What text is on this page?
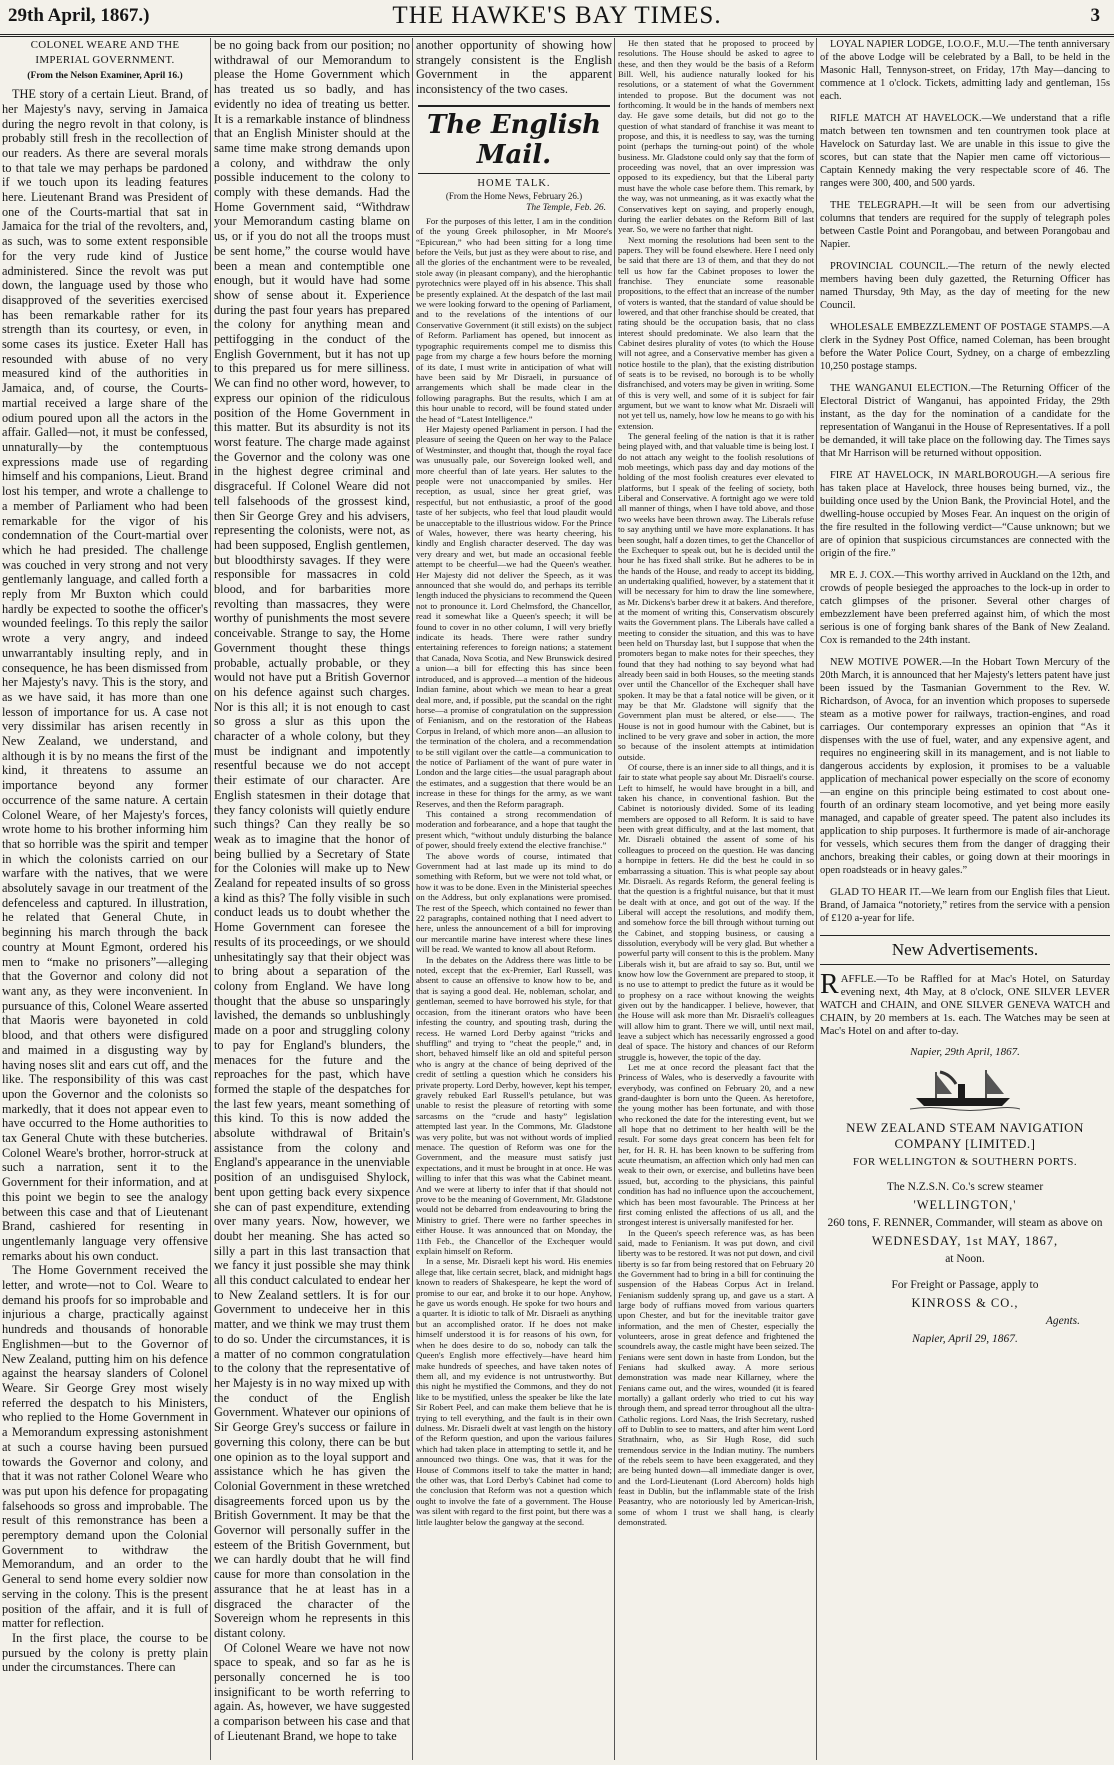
29th April, 1867.)	THE HAWKE'S BAY TIMES.	3

COLONEL WEARE AND THE IMPERIAL GOVERNMENT.

(From the Nelson Examiner, April 16.)

THE story of a certain Lieut. Brand, of her Majesty's navy, serving in Jamaica during the negro revolt in that colony, is probably still fresh in the recollection of our readers. As there are several morals to that tale we may perhaps be pardoned if we touch upon its leading features here. Lieutenant Brand was President of one of the Courts-martial that sat in Jamaica for the trial of the revolters, and, as such, was to some extent responsible for the very rude kind of Justice administered. Since the revolt was put down, the language used by those who disapproved of the severities exercised has been remarkable rather for its strength than its courtesy, or even, in some cases its justice. Exeter Hall has resounded with abuse of no very measured kind of the authorities in Jamaica, and, of course, the Courts-martial received a large share of the odium poured upon all the actors in the affair. Galled—not, it must be confessed, unnaturally—by the contemptuous expressions made use of regarding himself and his companions, Lieut. Brand lost his temper, and wrote a challenge to a member of Parliament who had been remarkable for the vigor of his condemnation of the Court-martial over which he had presided. The challenge was couched in very strong and not very gentlemanly language, and called forth a reply from Mr Buxton which could hardly be expected to soothe the officer's wounded feelings. To this reply the sailor wrote a very angry, and indeed unwarrantably insulting reply, and in consequence, he has been dismissed from her Majesty's navy. This is the story, and as we have said, it has more than one lesson of importance for us. A case not very dissimilar has arisen recently in New Zealand, we understand, and although it is by no means the first of the kind, it threatens to assume an importance beyond any former occurrence of the same nature. A certain Colonel Weare, of her Majesty's forces, wrote home to his brother informing him that so horrible was the spirit and temper in which the colonists carried on our warfare with the natives, that we were absolutely savage in our treatment of the defenceless and captured. In illustration, he related that General Chute, in beginning his march through the back country at Mount Egmont, ordered his men to “make no prisoners”—alleging that the Governor and colony did not want any, as they were inconvenient. In pursuance of this, Colonel Weare asserted that Maoris were bayoneted in cold blood, and that others were disfigured and maimed in a disgusting way by having noses slit and ears cut off, and the like. The responsibility of this was cast upon the Governor and the colonists so markedly, that it does not appear even to have occurred to the Home authorities to tax General Chute with these butcheries. Colonel Weare's brother, horror-struck at such a narration, sent it to the Government for their information, and at this point we begin to see the analogy between this case and that of Lieutenant Brand, cashiered for resenting in ungentlemanly language very offensive remarks about his own conduct.

The Home Government received the letter, and wrote—not to Col. Weare to demand his proofs for so improbable and injurious a charge, practically against hundreds and thousands of honorable Englishmen—but to the Governor of New Zealand, putting him on his defence against the hearsay slanders of Colonel Weare. Sir George Grey most wisely referred the despatch to his Ministers, who replied to the Home Government in a Memorandum expressing astonishment at such a course having been pursued towards the Governor and colony, and that it was not rather Colonel Weare who was put upon his defence for propagating falsehoods so gross and improbable. The result of this remonstrance has been a peremptory demand upon the Colonial Government to withdraw the Memorandum, and an order to the General to send home every soldier now serving in the colony. This is the present position of the affair, and it is full of matter for reflection.

In the first place, the course to be pursued by the colony is pretty plain under the circumstances. There can

be no going back from our position; no withdrawal of our Memorandum to please the Home Government which has treated us so badly, and has evidently no idea of treating us better. It is a remarkable instance of blindness that an English Minister should at the same time make strong demands upon a colony, and withdraw the only possible inducement to the colony to comply with these demands. Had the Home Government said, “Withdraw your Memorandum casting blame on us, or if you do not all the troops must be sent home,” the course would have been a mean and contemptible one enough, but it would have had some show of sense about it. Experience during the past four years has prepared the colony for anything mean and pettifogging in the conduct of the English Government, but it has not up to this prepared us for mere silliness. We can find no other word, however, to express our opinion of the ridiculous position of the Home Government in this matter. But its absurdity is not its worst feature. The charge made against the Governor and the colony was one in the highest degree criminal and disgraceful. If Colonel Weare did not tell falsehoods of the grossest kind, then Sir George Grey and his advisers, representing the colonists, were not, as had been supposed, English gentlemen, but bloodthirsty savages. If they were responsible for massacres in cold blood, and for barbarities more revolting than massacres, they were worthy of punishments the most severe conceivable. Strange to say, the Home Government thought these things probable, actually probable, or they would not have put a British Governor on his defence against such charges. Nor is this all; it is not enough to cast so gross a slur as this upon the character of a whole colony, but they must be indignant and impotently resentful because we do not accept their estimate of our character. Are English statesmen in their dotage that they fancy colonists will quietly endure such things? Can they really be so weak as to imagine that the honor of being bullied by a Secretary of State for the Colonies will make up to New Zealand for repeated insults of so gross a kind as this? The folly visible in such conduct leads us to doubt whether the Home Government can foresee the results of its proceedings, or we should unhesitatingly say that their object was to bring about a separation of the colony from England. We have long thought that the abuse so unsparingly lavished, the demands so unblushingly made on a poor and struggling colony to pay for England's blunders, the menaces for the future and the reproaches for the past, which have formed the staple of the despatches for the last few years, meant something of this kind. To this is now added the absolute withdrawal of Britain's assistance from the colony and England's appearance in the unenviable position of an undisguised Shylock, bent upon getting back every sixpence she can of past expenditure, extending over many years. Now, however, we doubt her meaning. She has acted so silly a part in this last transaction that we fancy it just possible she may think all this conduct calculated to endear her to New Zealand settlers. It is for our Government to undeceive her in this matter, and we think we may trust them to do so. Under the circumstances, it is a matter of no common congratulation to the colony that the representative of her Majesty is in no way mixed up with the conduct of the English Government. Whatever our opinions of Sir George Grey's success or failure in governing this colony, there can be but one opinion as to the loyal support and assistance which he has given the Colonial Government in these wretched disagreements forced upon us by the British Government. It may be that the Governor will personally suffer in the esteem of the British Government, but we can hardly doubt that he will find cause for more than consolation in the assurance that he at least has in a disgraced the character of the Sovereign whom he represents in this distant colony.

Of Colonel Weare we have not now space to speak, and so far as he is personally concerned he is too insignificant to be worth referring to again. As, however, we have suggested a comparison between his case and that of Lieutenant Brand, we hope to take

another opportunity of showing how strangely consistent is the English Government in the apparent inconsistency of the two cases.

The English Mail.
HOME TALK.
(From the Home News, February 26.)
The Temple, Feb. 26.

For the purposes of this letter, I am in the condition of the young Greek philosopher, in Mr Moore's “Epicurean,” who had been sitting for a long time before the Veils, but just as they were about to rise, and all the glories of the enchantment were to be revealed, stole away (in pleasant company), and the hierophantic pyrotechnics were played off in his absence. This shall be presently explained. At the despatch of the last mail we were looking forward to the opening of Parliament, and to the revelations of the intentions of our Conservative Government (it still exists) on the subject of Reform. Parliament has opened, but innocent as typographic requirements compel me to dismiss this page from my charge a few hours before the morning of its date, I must write in anticipation of what will have been said by Mr Disraeli, in pursuance of arrangements which shall be made clear in the following paragraphs. But the results, which I am at this hour unable to record, will be found stated under the head of “Latest Intelligence.”

Her Majesty opened Parliament in person. I had the pleasure of seeing the Queen on her way to the Palace of Westminster, and thought that, though the royal face was unusually pale, our Sovereign looked well, and more cheerful than of late years. Her salutes to the people were not unaccompanied by smiles. Her reception, as usual, since her great grief, was respectful, but not enthusiastic, a proof of the good taste of her subjects, who feel that loud plaudit would be unacceptable to the illustrious widow. For the Prince of Wales, however, there was hearty cheering, his kindly and English character deserved. The day was very dreary and wet, but made an occasional feeble attempt to be cheerful—we had the Queen's weather. Her Majesty did not deliver the Speech, as it was announced that she would do, and perhaps its terrible length induced the physicians to recommend the Queen not to pronounce it. Lord Chelmsford, the Chancellor, read it somewhat like a Queen's speech; it will be found to cover in no other column, I will very briefly indicate its heads. There were rather sundry entertaining references to foreign nations; a statement that Canada, Nova Scotia, and New Brunswick desired a union—a bill for effecting this has since been introduced, and is approved—a mention of the hideous Indian famine, about which we mean to hear a great deal more, and, if possible, put the scandal on the right horse—a promise of congratulation on the suppression of Fenianism, and on the restoration of the Habeas Corpus in Ireland, of which more anon—an allusion to the termination of the cholera, and a recommendation to be still vigilant over the cattle—a communication to the notice of Parliament of the want of pure water in London and the large cities—the usual paragraph about the estimates, and a suggestion that there would be an increase in these for things for the army, as we want Reserves, and then the Reform paragraph.

This contained a strong recommendation of moderation and forbearance, and a hope that taught the present which, “without unduly disturbing the balance of power, should freely extend the elective franchise.”

The above words of course, intimated that Government had at last made up its mind to do something with Reform, but we were not told what, or how it was to be done. Even in the Ministerial speeches on the Address, but only explanations were promised. The rest of the Speech, which contained no fewer than 22 paragraphs, contained nothing that I need advert to here, unless the announcement of a bill for improving our mercantile marine have interest where these lines will be read. We wanted to know all about Reform.

In the debates on the Address there was little to be noted, except that the ex-Premier, Earl Russell, was absent to cause an offensive to know how to be, and that is saying a good deal. He, nobleman, scholar, and gentleman, seemed to have borrowed his style, for that occasion, from the itinerant orators who have been infesting the country, and spouting trash, during the recess. He warned Lord Derby against “tricks and shuffling” and trying to “cheat the people,” and, in short, behaved himself like an old and spiteful person who is angry at the chance of being deprived of the credit of settling a question which he considers his private property. Lord Derby, however, kept his temper, gravely rebuked Earl Russell's petulance, but was unable to resist the pleasure of retorting with some sarcasms on the “crude and hasty” legislation attempted last year. In the Commons, Mr. Gladstone was very polite, but was not without words of implied menace. The question of Reform was one for the Government, and the measure must satisfy just expectations, and it must be brought in at once. He was willing to infer that this was what the Cabinet meant. And we were at liberty to infer that if that should not prove to be the meaning of Government, Mr. Gladstone would not be debarred from endeavouring to bring the Ministry to grief. There were no farther speeches in either House. It was announced that on Monday, the 11th Feb., the Chancellor of the Exchequer would explain himself on Reform.

In a sense, Mr. Disraeli kept his word. His enemies allege that, like certain secret, black, and midnight hags known to readers of Shakespeare, he kept the word of promise to our ear, and broke it to our hope. Anyhow, he gave us words enough. He spoke for two hours and a quarter. It is idiotic to talk of Mr. Disraeli as anything but an accomplished orator. If he does not make himself understood it is for reasons of his own, for when he does desire to do so, nobody can talk the Queen's English more effectively—have heard him make hundreds of speeches, and have taken notes of them all, and my evidence is not untrustworthy. But this night he mystified the Commons, and they do not like to be mystified, unless the speaker be like the late Sir Robert Peel, and can make them believe that he is trying to tell everything, and the fault is in their own dulness. Mr. Disraeli dwelt at vast length on the history of the Reform question, and upon the various failures which had taken place in attempting to settle it, and he announced two things. One was, that it was for the House of Commons itself to take the matter in hand; the other was, that Lord Derby's Cabinet had come to the conclusion that Reform was not a question which ought to involve the fate of a government. The House was silent with regard to the first point, but there was a little laughter below the gangway at the second.

He then stated that he proposed to proceed by resolutions. The House should be asked to agree to these, and then they would be the basis of a Reform Bill. Well, his audience naturally looked for his resolutions, or a statement of what the Government intended to propose. But the document was not forthcoming. It would be in the hands of members next day. He gave some details, but did not go to the question of what standard of franchise it was meant to propose, and this, it is needless to say, was the turning point (perhaps the turning-out point) of the whole business. Mr. Gladstone could only say that the form of proceeding was novel, that an over impression was opposed to its expediency, but that the Liberal party must have the whole case before them. This remark, by the way, was not unmeaning, as it was exactly what the Conservatives kept on saying, and properly enough, during the earlier debates on the Reform Bill of last year. So, we were no farther that night.

Next morning the resolutions had been sent to the papers. They will be found elsewhere. Here I need only be said that there are 13 of them, and that they do not tell us how far the Cabinet proposes to lower the franchise. They enunciate some reasonable propositions, to the effect that an increase of the number of voters is wanted, that the standard of value should be lowered, and that other franchise should be created, that rating should be the occupation basis, that no class interest should predominate. We also learn that the Cabinet desires plurality of votes (to which the House will not agree, and a Conservative member has given a notice hostile to the plan), that the existing distribution of seats is to be revised, no borough is to be wholly disfranchised, and voters may be given in writing. Some of this is very well, and some of it is subject for fair argument, but we want to know what Mr. Disraeli will not yet tell us, namely, how low he means to go with his extension.

The general feeling of the nation is that it is rather being played with, and that valuable time is being lost. I do not attach any weight to the foolish resolutions of mob meetings, which pass day and day motions of the holding of the most foolish creatures ever elevated to platforms, but I speak of the feeling of society, both Liberal and Conservative. A fortnight ago we were told all manner of things, when I have told above, and those two weeks have been thrown away. The Liberals refuse to say anything until we have more explanations. It has been sought, half a dozen times, to get the Chancellor of the Exchequer to speak out, but he is decided until the hour he has fixed shall strike. But he adheres to be in the hands of the House, and ready to accept its bidding, an undertaking qualified, however, by a statement that it will be necessary for him to draw the line somewhere, as Mr. Dickens's barber drew it at bakers. And therefore, at the moment of writing this, Conservatism obscurely waits the Government plans. The Liberals have called a meeting to consider the situation, and this was to have been held on Thursday last, but I suppose that when the promoters began to make notes for their speeches, they found that they had nothing to say beyond what had already been said in both Houses, so the meeting stands over until the Chancellor of the Exchequer shall have spoken. It may be that a fatal notice will be given, or it may be that Mr. Gladstone will signify that the Government plan must be altered, or else——. The House is not in good humour with the Cabinet, but is inclined to be very grave and sober in action, the more so because of the insolent attempts at intimidation outside.

Of course, there is an inner side to all things, and it is fair to state what people say about Mr. Disraeli's course. Left to himself, he would have brought in a bill, and taken his chance, in conventional fashion. But the Cabinet is notoriously divided. Some of its leading members are opposed to all Reform. It is said to have been with great difficulty, and at the last moment, that Mr. Disraeli obtained the assent of some of his colleagues to proceed on the question. He was dancing a hornpipe in fetters. He did the best he could in so embarrassing a situation. This is what people say about Mr. Disraeli. As regards Reform, the general feeling is that the question is a frightful nuisance, but that it must be dealt with at once, and got out of the way. If the Liberal will accept the resolutions, and modify them, and somehow force the bill through without turning out the Cabinet, and stopping business, or causing a dissolution, everybody will be very glad. But whether a powerful party will consent to this is the problem. Many Liberals wish it, but are afraid to say so. But, until we know how low the Government are prepared to stoop, it is no use to attempt to predict the future as it would be to prophesy on a race without knowing the weights given out by the handicapper. I believe, however, that the House will ask more than Mr. Disraeli's colleagues will allow him to grant. There we will, until next mail, leave a subject which has necessarily engrossed a good deal of space. The history and chances of our Reform struggle is, however, the topic of the day.

Let me at once record the pleasant fact that the Princess of Wales, who is deservedly a favourite with everybody, was confined on February 20, and a new grand-daughter is born unto the Queen. As heretofore, the young mother has been fortunate, and with those who reckoned the date for the interesting event, but we all hope that no detriment to her health will be the result. For some days great concern has been felt for her, for H. R. H. has been known to be suffering from acute rheumatism, an affection which only had men can weak to their own, or exercise, and bulletins have been issued, but, according to the physicians, this painful condition has had no influence upon the accouchement, which has been most favourable. The Princess at her first coming enlisted the affections of us all, and the strongest interest is universally manifested for her.

In the Queen's speech reference was, as has been said, made to Fenianism. It was put down, and civil liberty was to be restored. It was not put down, and civil liberty is so far from being restored that on February 20 the Government had to bring in a bill for continuing the suspension of the Habeas Corpus Act in Ireland. Fenianism suddenly sprang up, and gave us a start. A large body of ruffians moved from various quarters upon Chester, and but for the inevitable traitor gave information, and the men of Chester, especially the volunteers, arose in great defence and frightened the scoundrels away, the castle might have been seized. The Fenians were sent down in haste from London, but the Fenians had skulked away. A more serious demonstration was made near Killarney, where the Fenians came out, and the wires, wounded (it is feared mortally) a gallant orderly who tried to cut his way through them, and spread terror throughout all the ultra-Catholic regions. Lord Naas, the Irish Secretary, rushed off to Dublin to see to matters, and after him went Lord Strathnairn, who, as Sir Hugh Rose, did such tremendous service in the Indian mutiny. The numbers of the rebels seem to have been exaggerated, and they are being hunted down—all immediate danger is over, and the Lord-Lieutenant (Lord Abercorn) holds high feast in Dublin, but the inflammable state of the Irish Peasantry, who are notoriously led by American-Irish, some of whom I trust we shall hang, is clearly demonstrated.

LOYAL NAPIER LODGE, I.O.O.F., M.U.—The tenth anniversary of the above Lodge will be celebrated by a Ball, to be held in the Masonic Hall, Tennyson-street, on Friday, 17th May—dancing to commence at 1 o'clock. Tickets, admitting lady and gentleman, 15s each.

RIFLE MATCH AT HAVELOCK.—We understand that a rifle match between ten townsmen and ten countrymen took place at Havelock on Saturday last. We are unable in this issue to give the scores, but can state that the Napier men came off victorious—Captain Kennedy making the very respectable score of 46. The ranges were 300, 400, and 500 yards.

THE TELEGRAPH.—It will be seen from our advertising columns that tenders are required for the supply of telegraph poles between Castle Point and Porangobau, and between Porangobau and Napier.

PROVINCIAL COUNCIL.—The return of the newly elected members having been duly gazetted, the Returning Officer has named Thursday, 9th May, as the day of meeting for the new Council.

WHOLESALE EMBEZZLEMENT OF POSTAGE STAMPS.—A clerk in the Sydney Post Office, named Coleman, has been brought before the Water Police Court, Sydney, on a charge of embezzling 10,250 postage stamps.

THE WANGANUI ELECTION.—The Returning Officer of the Electoral District of Wanganui, has appointed Friday, the 29th instant, as the day for the nomination of a candidate for the representation of Wanganui in the House of Representatives. If a poll be demanded, it will take place on the following day. The Times says that Mr Harrison will be returned without opposition.

FIRE AT HAVELOCK, IN MARLBOROUGH.—A serious fire has taken place at Havelock, three houses being burned, viz., the building once used by the Union Bank, the Provincial Hotel, and the dwelling-house occupied by Moses Fear. An inquest on the origin of the fire resulted in the following verdict—“Cause unknown; but we are of opinion that suspicious circumstances are connected with the origin of the fire.”

MR E. J. COX.—This worthy arrived in Auckland on the 12th, and crowds of people besieged the approaches to the lock-up in order to catch glimpses of the prisoner. Several other charges of embezzlement have been preferred against him, of which the most serious is one of forging bank shares of the Bank of New Zealand. Cox is remanded to the 24th instant.

NEW MOTIVE POWER.—In the Hobart Town Mercury of the 20th March, it is announced that her Majesty's letters patent have just been issued by the Tasmanian Government to the Rev. W. Richardson, of Avoca, for an invention which proposes to supersede steam as a motive power for railways, traction-engines, and road carriages. Our contemporary expresses an opinion that “As it dispenses with the use of fuel, water, and any expensive agent, and requires no engineering skill in its management, and is not liable to dangerous accidents by explosion, it promises to be a valuable application of mechanical power especially on the score of economy—an engine on this principle being estimated to cost about one-fourth of an ordinary steam locomotive, and yet being more easily managed, and capable of greater speed. The patent also includes its application to ship purposes. It furthermore is made of air-anchorage for vessels, which secures them from the danger of dragging their anchors, breaking their cables, or going down at their moorings in open roadsteads or in heavy gales.”

GLAD TO HEAR IT.—We learn from our English files that Lieut. Brand, of Jamaica “notoriety,” retires from the service with a pension of £120 a-year for life.

New Advertisements.

RAFFLE.—To be Raffled for at Mac's Hotel, on Saturday evening next, 4th May, at 8 o'clock, ONE SILVER LEVER WATCH and CHAIN, and ONE SILVER GENEVA WATCH and CHAIN, by 20 members at 1s. each. The Watches may be seen at Mac's Hotel on and after to-day.

Napier, 29th April, 1867.
NEW ZEALAND STEAM NAVIGATION COMPANY [LIMITED.]
FOR WELLINGTON & SOUTHERN PORTS.
The N.Z.S.N. Co.'s screw steamer
'WELLINGTON,'
260 tons, F. RENNER, Commander, will steam as above on
WEDNESDAY, 1st MAY, 1867,
at Noon.
For Freight or Passage, apply to
KINROSS & CO.,
Agents.
Napier, April 29, 1867.
